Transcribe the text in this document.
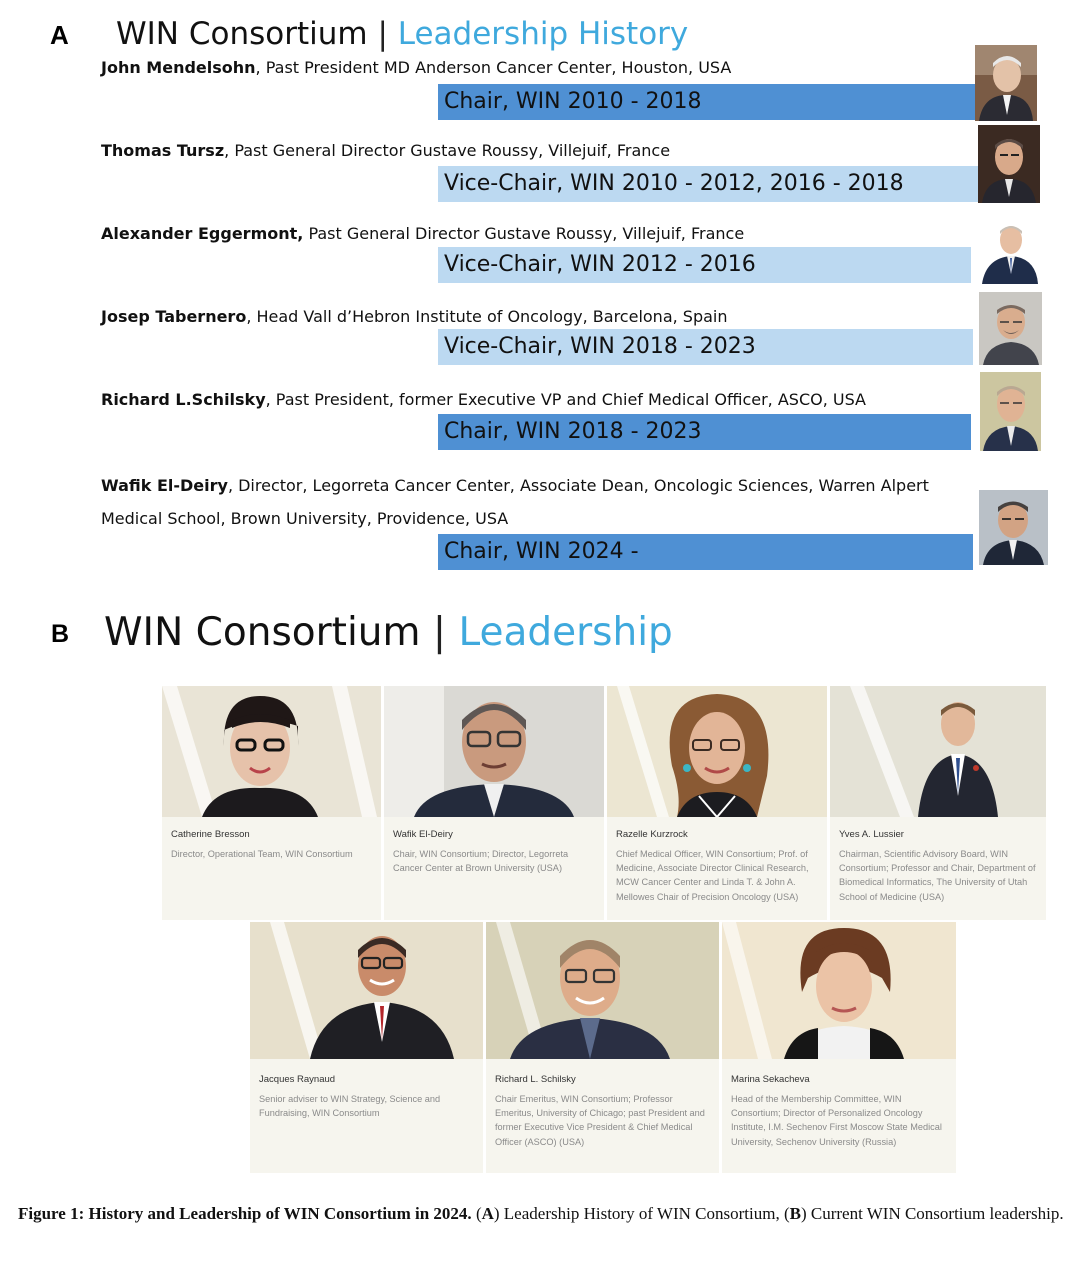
A WIN Consortium | Leadership History
John Mendelsohn, Past President MD Anderson Cancer Center, Houston, USA
Chair, WIN 2010 - 2018
Thomas Tursz, Past General Director Gustave Roussy, Villejuif, France
Vice-Chair, WIN 2010 - 2012, 2016 - 2018
Alexander Eggermont, Past General Director Gustave Roussy, Villejuif, France
Vice-Chair, WIN 2012 - 2016
Josep Tabernero, Head Vall d’Hebron Institute of Oncology, Barcelona, Spain
Vice-Chair, WIN 2018 - 2023
Richard L.Schilsky, Past President, former Executive VP and Chief Medical Officer, ASCO, USA
Chair, WIN 2018 - 2023
Wafik El-Deiry, Director, Legorreta Cancer Center, Associate Dean, Oncologic Sciences, Warren Alpert Medical School, Brown University, Providence, USA
Chair, WIN 2024 -
B WIN Consortium | Leadership
Catherine Bresson
Director, Operational Team, WIN Consortium
Wafik El-Deiry
Chair, WIN Consortium; Director, Legorreta Cancer Center at Brown University (USA)
Razelle Kurzrock
Chief Medical Officer, WIN Consortium; Prof. of Medicine, Associate Director Clinical Research, MCW Cancer Center and Linda T. & John A. Mellowes Chair of Precision Oncology (USA)
Yves A. Lussier
Chairman, Scientific Advisory Board, WIN Consortium; Professor and Chair, Department of Biomedical Informatics, The University of Utah School of Medicine (USA)
Jacques Raynaud
Senior adviser to WIN Strategy, Science and Fundraising, WIN Consortium
Richard L. Schilsky
Chair Emeritus, WIN Consortium; Professor Emeritus, University of Chicago; past President and former Executive Vice President & Chief Medical Officer (ASCO) (USA)
Marina Sekacheva
Head of the Membership Committee, WIN Consortium; Director of Personalized Oncology Institute, I.M. Sechenov First Moscow State Medical University, Sechenov University (Russia)
Figure 1: History and Leadership of WIN Consortium in 2024. (A) Leadership History of WIN Consortium, (B) Current WIN Consortium leadership.
